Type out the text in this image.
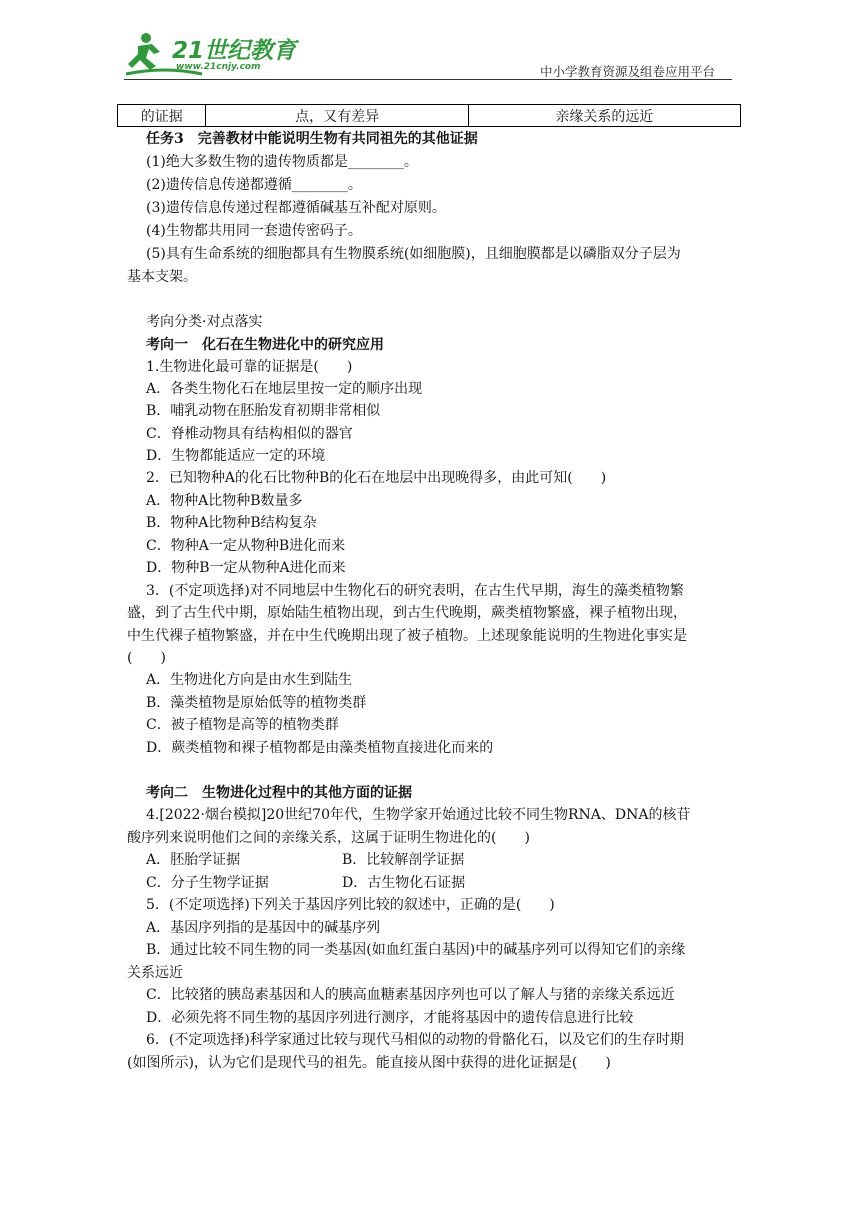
21世纪教育
www.21cnjy.com	中小学教育资源及组卷应用平台
的证据	点，又有差异	亲缘关系的远近
任务3　完善教材中能说明生物有共同祖先的其他证据
(1)绝大多数生物的遗传物质都是________。
(2)遗传信息传递都遵循________。
(3)遗传信息传递过程都遵循碱基互补配对原则。
(4)生物都共用同一套遗传密码子。
(5)具有生命系统的细胞都具有生物膜系统(如细胞膜)，且细胞膜都是以磷脂双分子层为
基本支架。
考向分类·对点落实
考向一　化石在生物进化中的研究应用
1.生物进化最可靠的证据是(　　)
A．各类生物化石在地层里按一定的顺序出现
B．哺乳动物在胚胎发育初期非常相似
C．脊椎动物具有结构相似的器官
D．生物都能适应一定的环境
2．已知物种A的化石比物种B的化石在地层中出现晚得多，由此可知(　　)
A．物种A比物种B数量多
B．物种A比物种B结构复杂
C．物种A一定从物种B进化而来
D．物种B一定从物种A进化而来
3．(不定项选择)对不同地层中生物化石的研究表明，在古生代早期，海生的藻类植物繁
盛，到了古生代中期，原始陆生植物出现，到古生代晚期，蕨类植物繁盛，裸子植物出现，
中生代裸子植物繁盛，并在中生代晚期出现了被子植物。上述现象能说明的生物进化事实是
(　　)
A．生物进化方向是由水生到陆生
B．藻类植物是原始低等的植物类群
C．被子植物是高等的植物类群
D．蕨类植物和裸子植物都是由藻类植物直接进化而来的
考向二　生物进化过程中的其他方面的证据
4.[2022·烟台模拟]20世纪70年代，生物学家开始通过比较不同生物RNA、DNA的核苷
酸序列来说明他们之间的亲缘关系，这属于证明生物进化的(　　)
A．胚胎学证据	B．比较解剖学证据
C．分子生物学证据	D．古生物化石证据
5．(不定项选择)下列关于基因序列比较的叙述中，正确的是(　　)
A．基因序列指的是基因中的碱基序列
B．通过比较不同生物的同一类基因(如血红蛋白基因)中的碱基序列可以得知它们的亲缘
关系远近
C．比较猪的胰岛素基因和人的胰高血糖素基因序列也可以了解人与猪的亲缘关系远近
D．必须先将不同生物的基因序列进行测序，才能将基因中的遗传信息进行比较
6．(不定项选择)科学家通过比较与现代马相似的动物的骨骼化石，以及它们的生存时期
(如图所示)，认为它们是现代马的祖先。能直接从图中获得的进化证据是(　　)
